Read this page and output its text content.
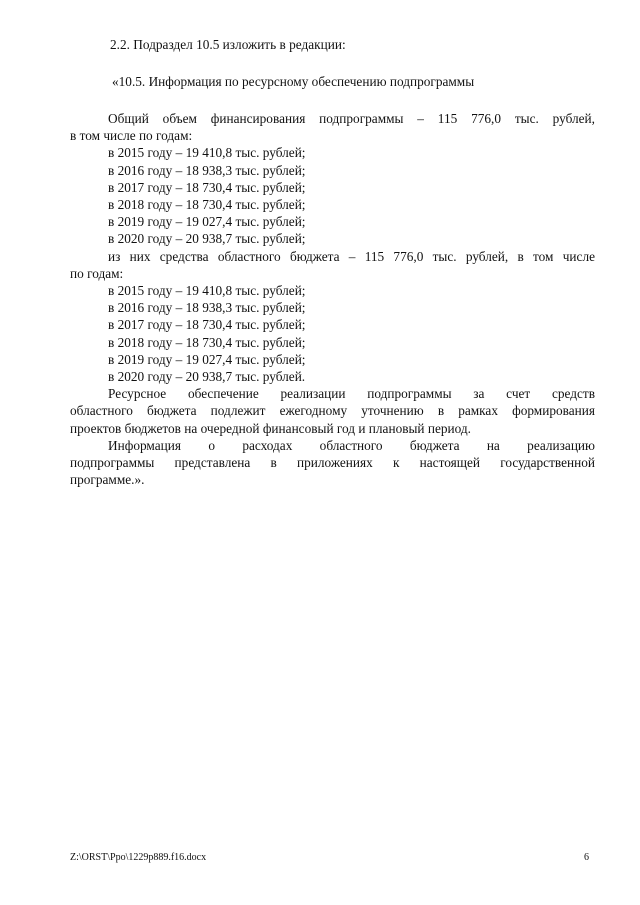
2.2. Подраздел 10.5 изложить в редакции:
«10.5. Информация по ресурсному обеспечению подпрограммы

Общий объем финансирования подпрограммы – 115 776,0 тыс. рублей,

в том числе по годам:

в 2015 году – 19 410,8 тыс. рублей;
в 2016 году – 18 938,3 тыс. рублей;
в 2017 году – 18 730,4 тыс. рублей;
в 2018 году – 18 730,4 тыс. рублей;
в 2019 году – 19 027,4 тыс. рублей;
в 2020 году – 20 938,7 тыс. рублей;

из них средства областного бюджета – 115 776,0 тыс. рублей, в том числе

по годам:

в 2015 году – 19 410,8 тыс. рублей;
в 2016 году – 18 938,3 тыс. рублей;
в 2017 году – 18 730,4 тыс. рублей;
в 2018 году – 18 730,4 тыс. рублей;
в 2019 году – 19 027,4 тыс. рублей;
в 2020 году – 20 938,7 тыс. рублей.

Ресурсное обеспечение реализации подпрограммы за счет средств

областного бюджета подлежит ежегодному уточнению в рамках формирования

проектов бюджетов на очередной финансовый год и плановый период.

Информация о расходах областного бюджета на реализацию

подпрограммы представлена в приложениях к настоящей государственной

программе.».

Z:\ORST\Ppo\1229p889.f16.docx	6
